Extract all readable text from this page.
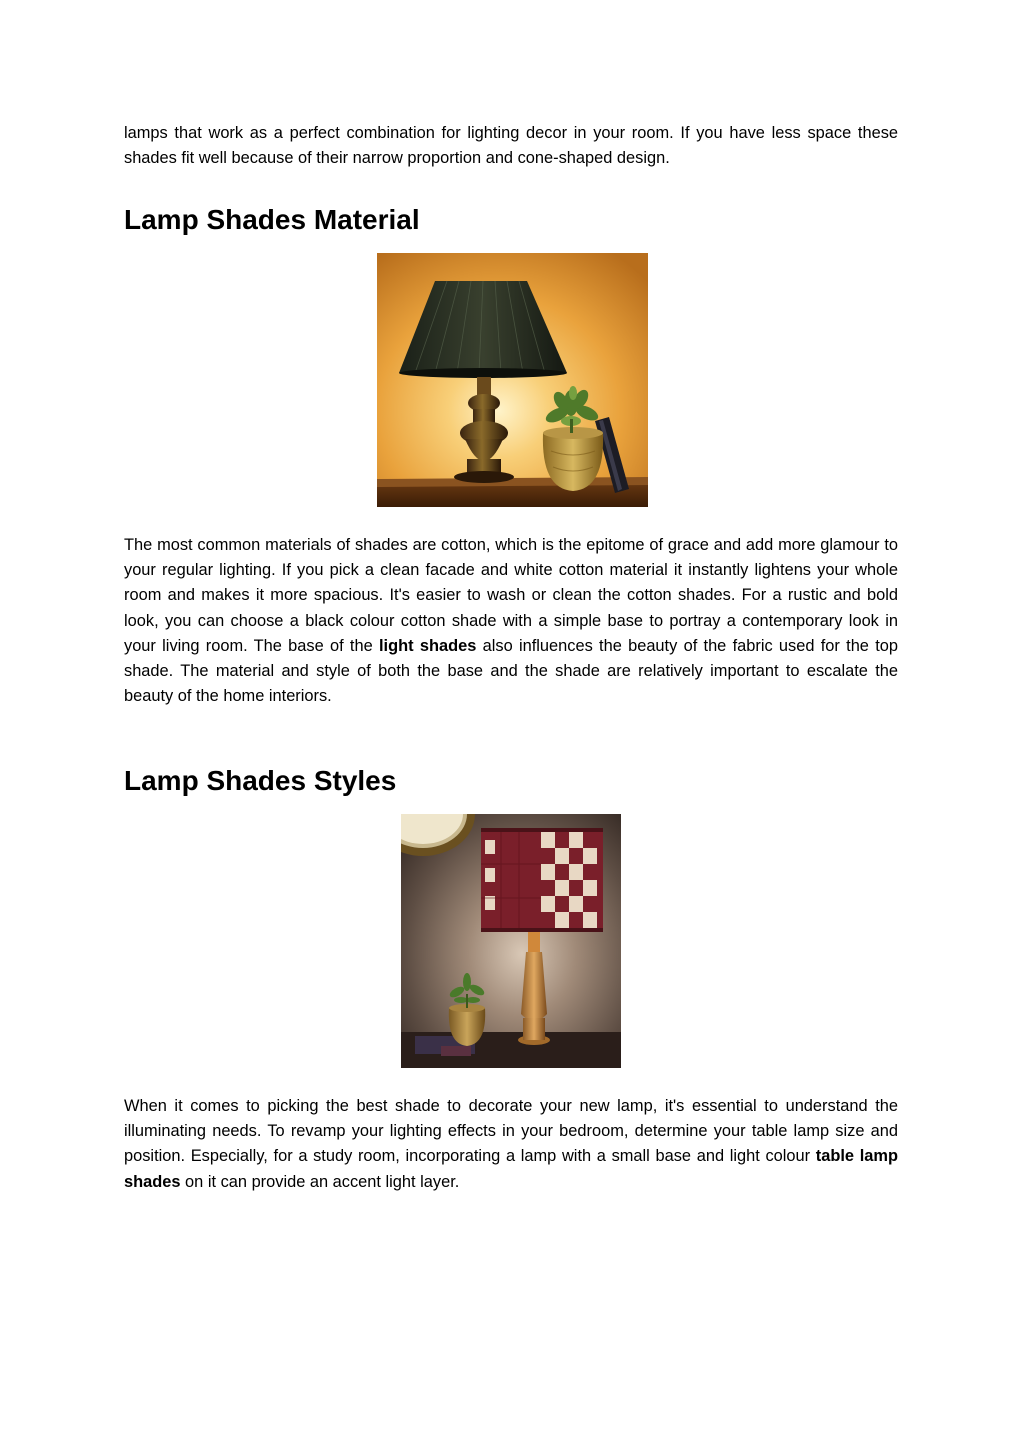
lamps that work as a perfect combination for lighting decor in your room. If you have less space these shades fit well because of their narrow proportion and cone-shaped design.

Lamp Shades Material

The most common materials of shades are cotton, which is the epitome of grace and add more glamour to your regular lighting. If you pick a clean facade and white cotton material it instantly lightens your whole room and makes it more spacious. It's easier to wash or clean the cotton shades. For a rustic and bold look, you can choose a black colour cotton shade with a simple base to portray a contemporary look in your living room. The base of the light shades also influences the beauty of the fabric used for the top shade. The material and style of both the base and the shade are relatively important to escalate the beauty of the home interiors.

Lamp Shades Styles

When it comes to picking the best shade to decorate your new lamp, it's essential to understand the illuminating needs. To revamp your lighting effects in your bedroom, determine your table lamp size and position. Especially, for a study room, incorporating a lamp with a small base and light colour table lamp shades on it can provide an accent light layer.
